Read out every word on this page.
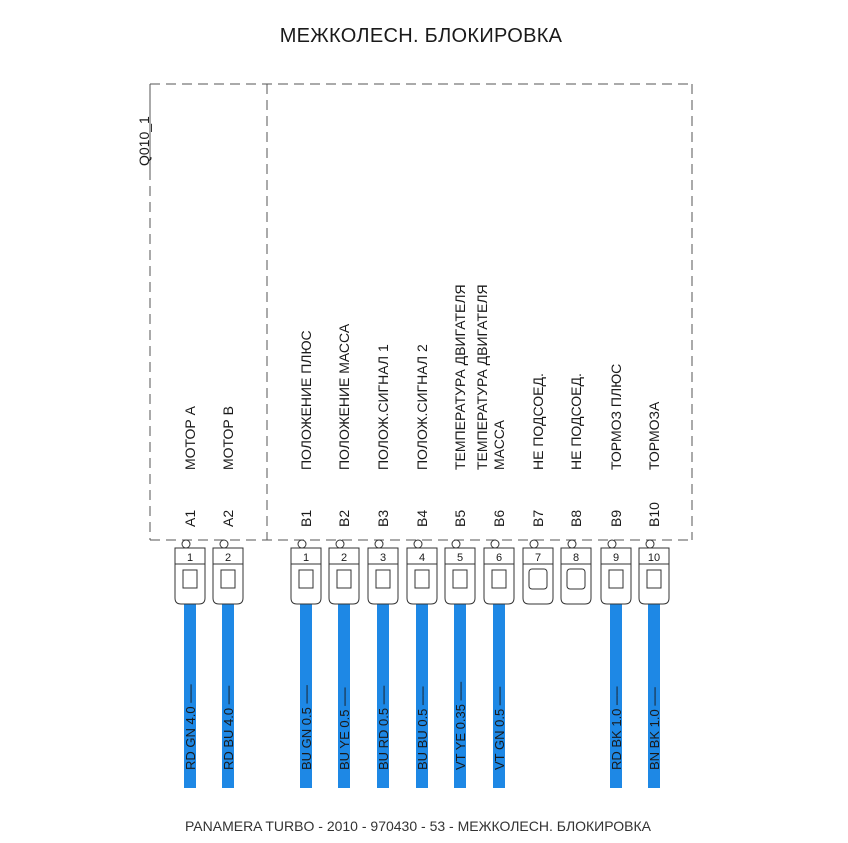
МЕЖКОЛЕСН. БЛОКИРОВКА
Q010_1
A1
МОТОР А
1
RD GN 4.0 ──
A2
МОТОР В
2
RD BU 4.0 ──
B1
ПОЛОЖЕНИЕ ПЛЮС
1
BU GN 0.5 ──
B2
ПОЛОЖЕНИЕ МАССА
2
BU YE 0.5 ──
B3
ПОЛОЖ.СИГНАЛ 1
3
BU RD 0.5 ──
B4
ПОЛОЖ.СИГНАЛ 2
4
BU BU 0.5 ──
B5
ТЕМПЕРАТУРА ДВИГАТЕЛЯ
5
VT YE 0.35 ──
B6
ТЕМПЕРАТУРА ДВИГАТЕЛЯ МАССА
6
VT GN 0.5 ──
B7
НЕ ПОДСОЕД.
7
B8
НЕ ПОДСОЕД.
8
B9
ТОРМОЗ ПЛЮС
9
RD BK 1.0 ──
B10
ТОРМОЗА
10
BN BK 1.0 ──
PANAMERA TURBO - 2010 - 970430 - 53 - МЕЖКОЛЕСН. БЛОКИРОВКА
